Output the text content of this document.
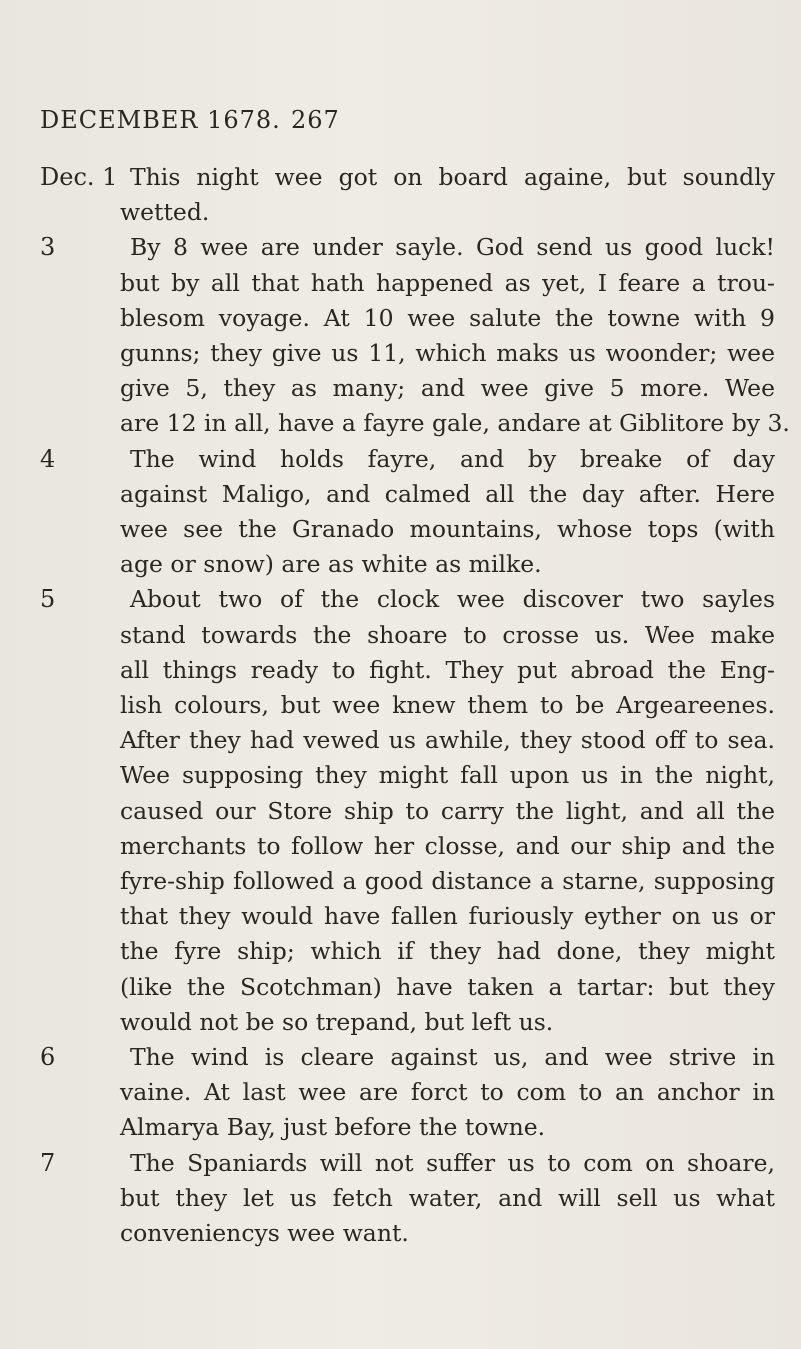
DECEMBER 1678. 267
Dec. 1 This night wee got on board againe, but soundly
wetted.
3	By 8 wee are under sayle. God send us good luck!
but by all that hath happened as yet, I feare a trou-
blesom voyage. At 10 wee salute the towne with 9
gunns; they give us 11, which maks us woonder; wee
give 5, they as many; and wee give 5 more. Wee
are 12 in all, have a fayre gale, andare at Giblitore by 3.
4	The wind holds fayre, and by breake of day
against Maligo, and calmed all the day after. Here
wee see the Granado mountains, whose tops (with
age or snow) are as white as milke.
5	About two of the clock wee discover two sayles
stand towards the shoare to crosse us. Wee make
all things ready to fight. They put abroad the Eng-
lish colours, but wee knew them to be Argeareenes.
After they had vewed us awhile, they stood off to sea.
Wee supposing they might fall upon us in the night,
caused our Store ship to carry the light, and all the
merchants to follow her closse, and our ship and the
fyre-ship followed a good distance a starne, supposing
that they would have fallen furiously eyther on us or
the fyre ship; which if they had done, they might
(like the Scotchman) have taken a tartar: but they
would not be so trepand, but left us.
6	The wind is cleare against us, and wee strive in
vaine. At last wee are forct to com to an anchor in
Almarya Bay, just before the towne.
7	The Spaniards will not suffer us to com on shoare,
but they let us fetch water, and will sell us what
conveniencys wee want.
